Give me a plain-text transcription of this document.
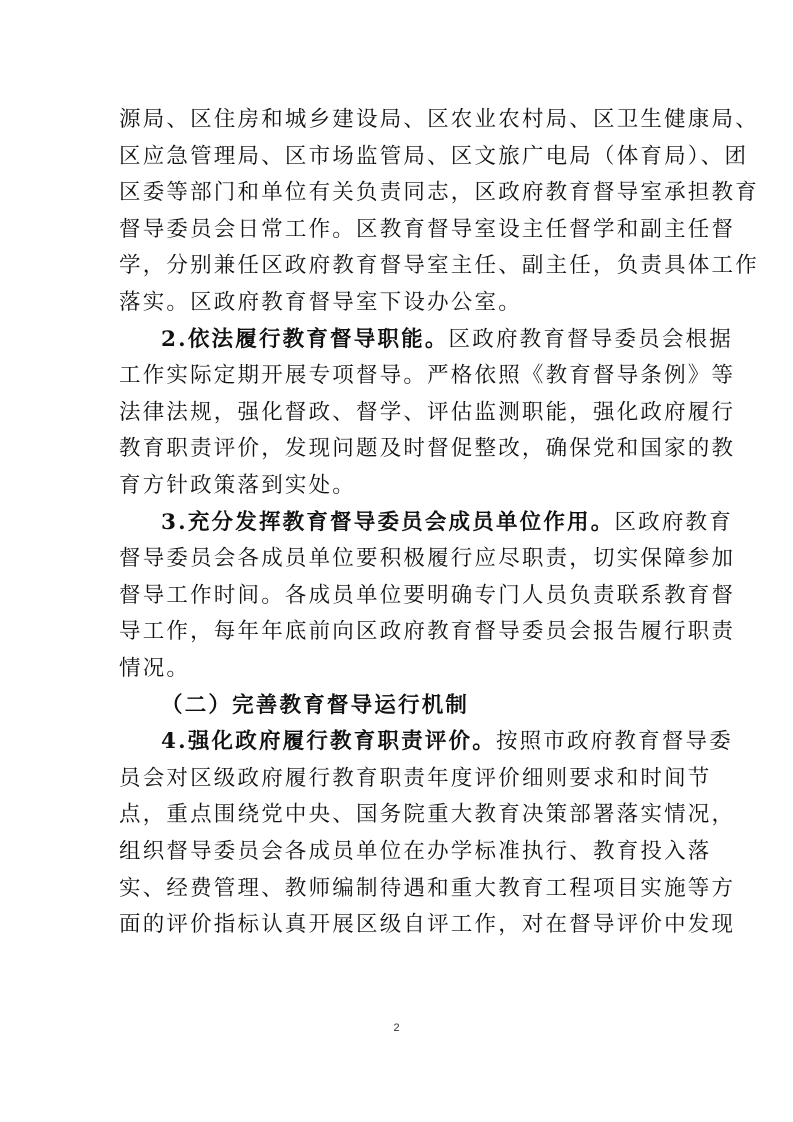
源局、区住房和城乡建设局、区农业农村局、区卫生健康局、
区应急管理局、区市场监管局、区文旅广电局（体育局）、团
区委等部门和单位有关负责同志，区政府教育督导室承担教育
督导委员会日常工作。区教育督导室设主任督学和副主任督
学，分别兼任区政府教育督导室主任、副主任，负责具体工作
落实。区政府教育督导室下设办公室。
2.依法履行教育督导职能。区政府教育督导委员会根据
工作实际定期开展专项督导。严格依照《教育督导条例》等
法律法规，强化督政、督学、评估监测职能，强化政府履行
教育职责评价，发现问题及时督促整改，确保党和国家的教
育方针政策落到实处。
3.充分发挥教育督导委员会成员单位作用。区政府教育
督导委员会各成员单位要积极履行应尽职责，切实保障参加
督导工作时间。各成员单位要明确专门人员负责联系教育督
导工作，每年年底前向区政府教育督导委员会报告履行职责
情况。
（二）完善教育督导运行机制
4.强化政府履行教育职责评价。按照市政府教育督导委
员会对区级政府履行教育职责年度评价细则要求和时间节
点，重点围绕党中央、国务院重大教育决策部署落实情况，
组织督导委员会各成员单位在办学标准执行、教育投入落
实、经费管理、教师编制待遇和重大教育工程项目实施等方
面的评价指标认真开展区级自评工作，对在督导评价中发现
2
